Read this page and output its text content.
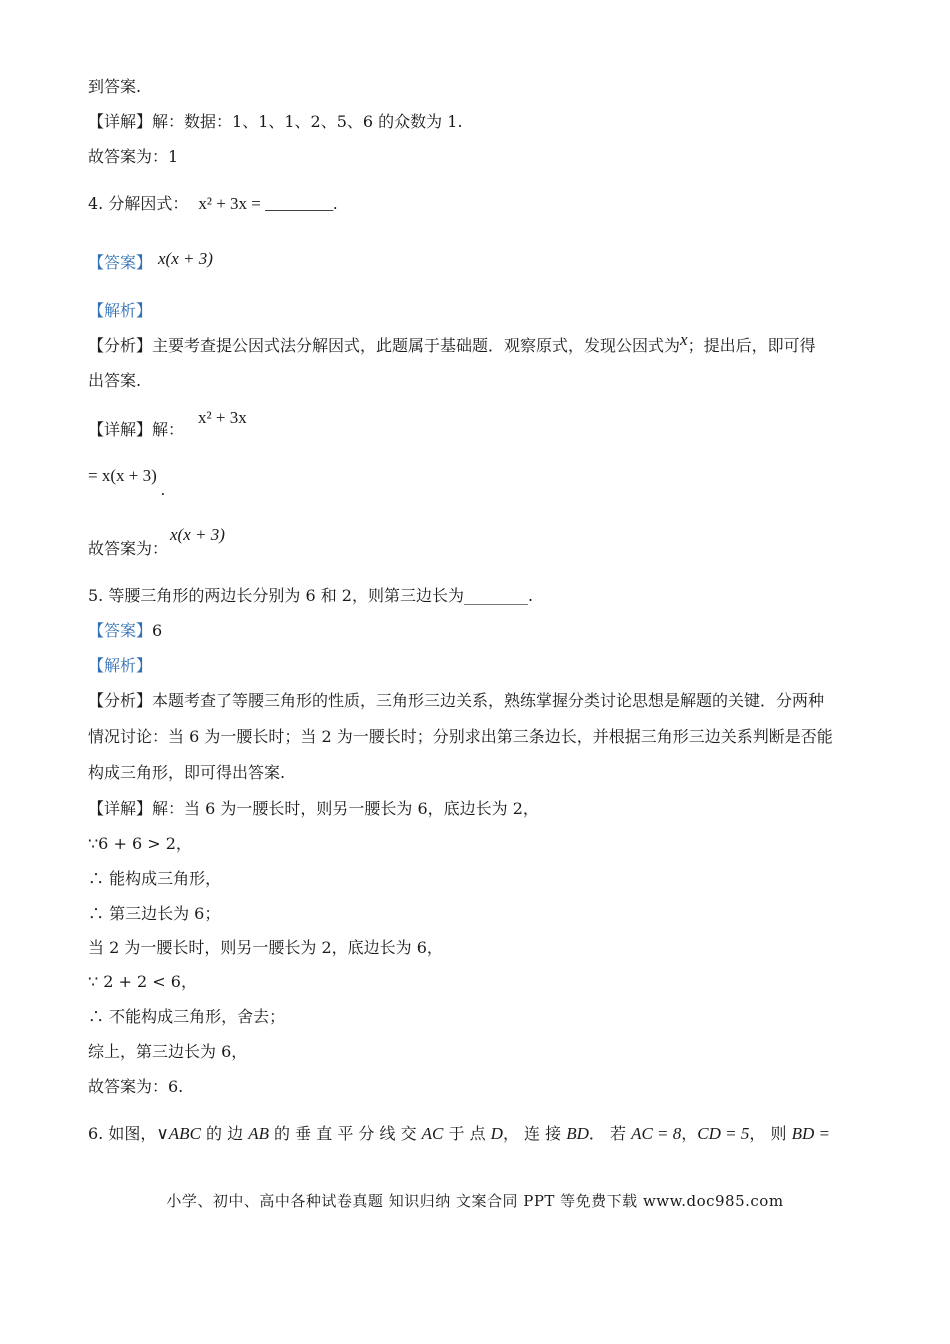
到答案.
【详解】解：数据：1、1、1、2、5、6 的众数为 1.
故答案为：1
4. 分解因式： x² + 3x = ________.
【答案】 x(x + 3)
【解析】
【分析】主要考查提公因式法分解因式，此题属于基础题．观察原式，发现公因式为x；提出后，即可得
出答案.
【详解】解：x² + 3x
= x(x + 3).
故答案为：x(x + 3)
5. 等腰三角形的两边长分别为 6 和 2，则第三边长为________.
【答案】6
【解析】
【分析】本题考查了等腰三角形的性质，三角形三边关系，熟练掌握分类讨论思想是解题的关键．分两种
情况讨论：当 6 为一腰长时；当 2 为一腰长时；分别求出第三条边长，并根据三角形三边关系判断是否能
构成三角形，即可得出答案.
【详解】解：当 6 为一腰长时，则另一腰长为 6，底边长为 2，
∵6 + 6 > 2，
∴ 能构成三角形，
∴ 第三边长为 6；
当 2 为一腰长时，则另一腰长为 2，底边长为 6，
∵ 2 + 2 < 6，
∴ 不能构成三角形，舍去；
综上，第三边长为 6，
故答案为：6.
6. 如图，∨ABC 的 边 AB 的 垂 直 平 分 线 交 AC 于 点 D， 连 接 BD． 若 AC = 8，CD = 5， 则 BD =
小学、初中、高中各种试卷真题 知识归纳 文案合同 PPT 等免费下载 www.doc985.com
